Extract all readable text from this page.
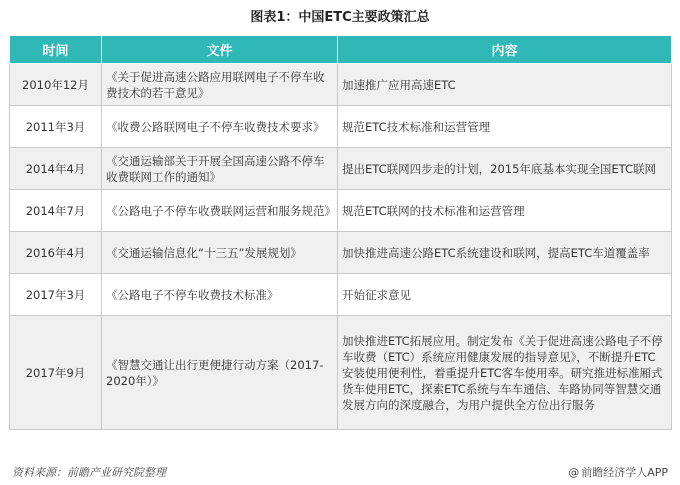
图表1：中国ETC主要政策汇总
时间	文件	内容
2010年12月	《关于促进高速公路应用联网电子不停车收费技术的若干意见》	加速推广应用高速ETC
2011年3月	《收费公路联网电子不停车收费技术要求》	规范ETC技术标准和运营管理
2014年4月	《交通运输部关于开展全国高速公路不停车收费联网工作的通知》	提出ETC联网四步走的计划，2015年底基本实现全国ETC联网
2014年7月	《公路电子不停车收费联网运营和服务规范》	规范ETC联网的技术标准和运营管理
2016年4月	《交通运输信息化“十三五”发展规划》	加快推进高速公路ETC系统建设和联网，提高ETC车道覆盖率
2017年3月	《公路电子不停车收费技术标准》	开始征求意见
2017年9月	《智慧交通让出行更便捷行动方案（2017-2020年）》	加快推进ETC拓展应用。制定发布《关于促进高速公路电子不停车收费（ETC）系统应用健康发展的指导意见》，不断提升ETC安装使用便利性，着重提升ETC客车使用率。研究推进标准厢式货车使用ETC，探索ETC系统与车车通信、车路协同等智慧交通发展方向的深度融合，为用户提供全方位出行服务
资料来源：前瞻产业研究院整理	@ 前瞻经济学人APP
